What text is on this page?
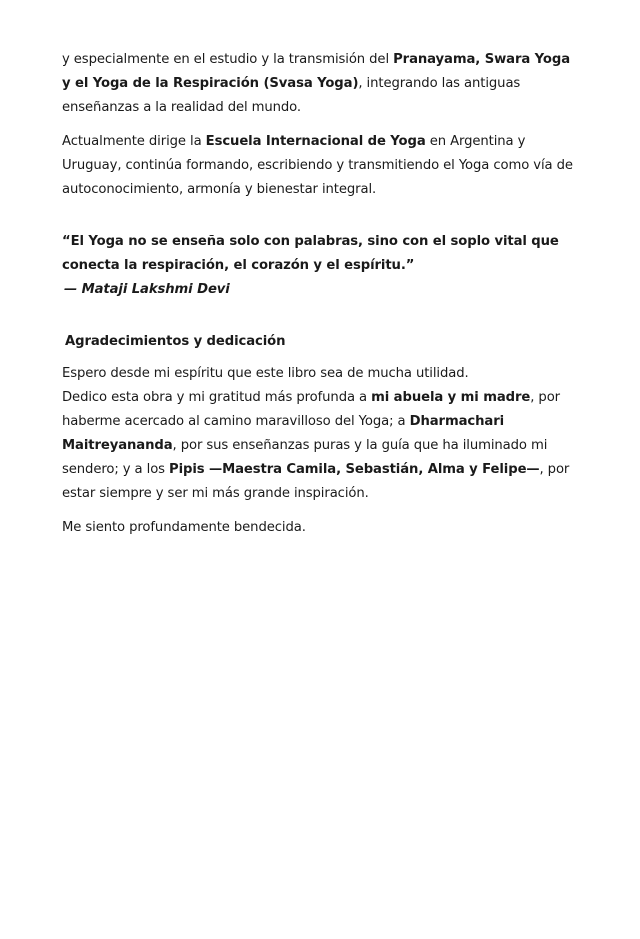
y especialmente en el estudio y la transmisión del Pranayama, Swara Yoga y el Yoga de la Respiración (Svasa Yoga), integrando las antiguas enseñanzas a la realidad del mundo.

Actualmente dirige la Escuela Internacional de Yoga en Argentina y Uruguay, continúa formando, escribiendo y transmitiendo el Yoga como vía de autoconocimiento, armonía y bienestar integral.

“El Yoga no se enseña solo con palabras, sino con el soplo vital que conecta la respiración, el corazón y el espíritu.”

— Mataji Lakshmi Devi

Agradecimientos y dedicación

Espero desde mi espíritu que este libro sea de mucha utilidad.

Dedico esta obra y mi gratitud más profunda a mi abuela y mi madre, por haberme acercado al camino maravilloso del Yoga; a Dharmachari Maitreyananda, por sus enseñanzas puras y la guía que ha iluminado mi sendero; y a los Pipis —Maestra Camila, Sebastián, Alma y Felipe—, por estar siempre y ser mi más grande inspiración.

Me siento profundamente bendecida.
